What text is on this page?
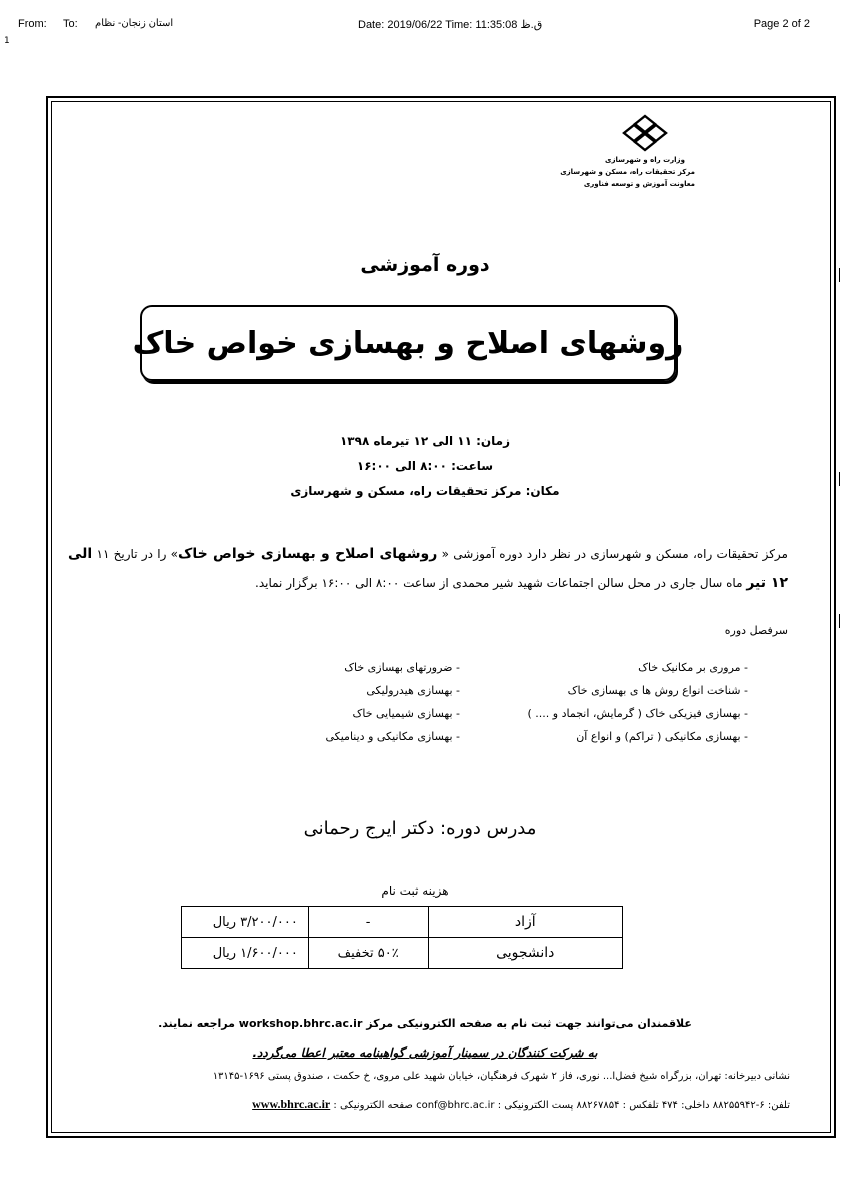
From: To: استان زنجان- نظام	Date: 2019/06/22 Time: 11:35:08 ق.ظ	Page 2 of 2
1
وزارت راه و شهرسازی
مرکز تحقیقات راه، مسکن و شهرسازی
معاونت آموزش و توسعه فناوری
دوره آموزشی
روشهای اصلاح و بهسازی خواص خاک
زمان: ۱۱ الی ۱۲ تیرماه ۱۳۹۸
ساعت: ۸:۰۰ الی ۱۶:۰۰
مکان: مرکز تحقیقات راه، مسکن و شهرسازی

مرکز تحقیقات راه، مسکن و شهرسازی در نظر دارد دوره آموزشی « روشهای اصلاح و بهسازی خواص خاک» را در تاریخ ۱۱ الی ۱۲ تیر ماه سال جاری در محل سالن اجتماعات شهید شیر محمدی از ساعت ۸:۰۰ الی ۱۶:۰۰ برگزار نماید.

سرفصل دوره
- مروری بر مکانیک خاک
- شناخت انواع روش ها ی بهسازی خاک
- بهسازی فیزیکی خاک ( گرمایش، انجماد و .... )
- بهسازی مکانیکی ( تراکم) و انواع آن
- ضرورتهای بهسازی خاک
- بهسازی هیدرولیکی
- بهسازی شیمیایی خاک
- بهسازی مکانیکی و دینامیکی
مدرس دوره: دکتر ایرج رحمانی
هزینه ثبت نام
آزاد	-	۳/۲۰۰/۰۰۰ ریال
دانشجویی	۵۰٪ تخفیف	۱/۶۰۰/۰۰۰ ریال
علاقمندان می‌توانند جهت ثبت نام به صفحه الکترونیکی مرکز workshop.bhrc.ac.ir مراجعه نمایند.
به شرکت کنندگان در سمینار آموزشی گواهینامه معتبر اعطا می‌گردد.
نشانی دبیرخانه: تهران، بزرگراه شیخ فضل‌ا... نوری، فاز ۲ شهرک فرهنگیان، خیابان شهید علی مروی، خ حکمت ، صندوق پستی ۱۶۹۶-۱۳۱۴۵
تلفن: ۶-۸۸۲۵۵۹۴۲ داخلی: ۴۷۴ تلفکس : ۸۸۲۶۷۸۵۴ پست الکترونیکی : conf@bhrc.ac.ir صفحه الکترونیکی : www.bhrc.ac.ir
